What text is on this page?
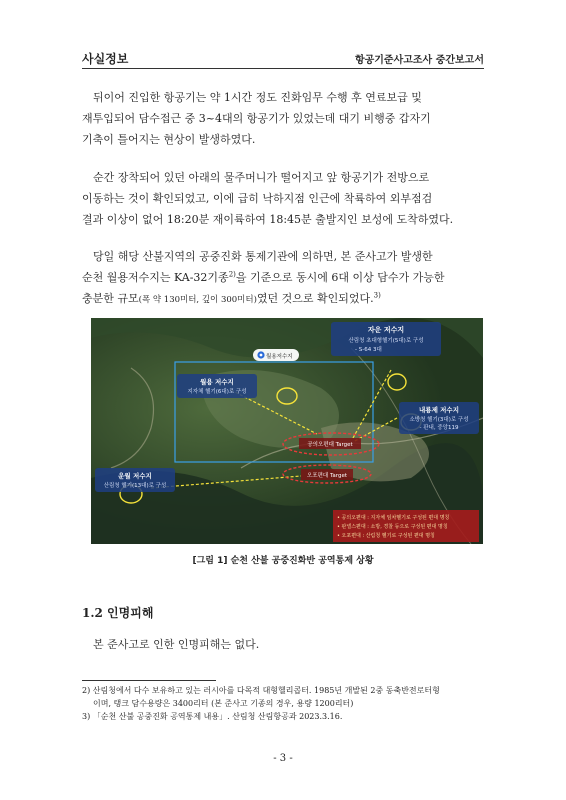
사실정보	항공기준사고조사 중간보고서
뒤이어 진입한 항공기는 약 1시간 정도 진화임무 수행 후 연료보급 및
재투입되어 담수접근 중 3~4대의 항공기가 있었는데 대기 비행중 갑자기
기축이 틀어지는 현상이 발생하였다.
순간 장착되어 있던 아래의 물주머니가 떨어지고 앞 항공기가 전방으로
이동하는 것이 확인되었고, 이에 급히 낙하지점 인근에 착륙하여 외부점검
결과 이상이 없어 18:20분 재이륙하여 18:45분 출발지인 보성에 도착하였다.
당일 해당 산불지역의 공중진화 통제기관에 의하면, 본 준사고가 발생한
순천 월용저수지는 KA-32기종$^{2)}$을 기준으로 동시에 6대 이상 담수가 가능한
충분한 규모(폭 약 130미터, 깊이 300미터)였던 것으로 확인되었다.$^{3)}$
자운 저수지
산림청 초대형헬기(5대)로 구성
- S-64 3대
월용 저수지
지자체 헬기(6대)로 구성
월용저수지
내룡제 저수지
소방청 헬기(3대)로 구성
- 판내, 중앙119
운월 저수지
산림청 헬기(13대)로 구성
공의오편대 Target
오포편대 Target
• 공의오편대 : 지자체 임차헬기로 구성된 편대 명칭
• 판넬스편대 : 소방, 경찰 등으로 구성된 편대 명칭
• 오포편대 : 산림청 헬기로 구성된 편대 명칭
[그림 1] 순천 산불 공중진화반 공역통제 상황
1.2 인명피해
본 준사고로 인한 인명피해는 없다.
2) 산림청에서 다수 보유하고 있는 러시아를 다목적 대형헬리콥터. 1985년 개발된 2중 동축반전로터형
이며, 탱크 담수용량은 3400리터 (본 준사고 기종의 경우, 용량 1200리터)
3) 「순천 산불 공중진화 공역통제 내용」. 산림청 산림항공과 2023.3.16.
- 3 -
